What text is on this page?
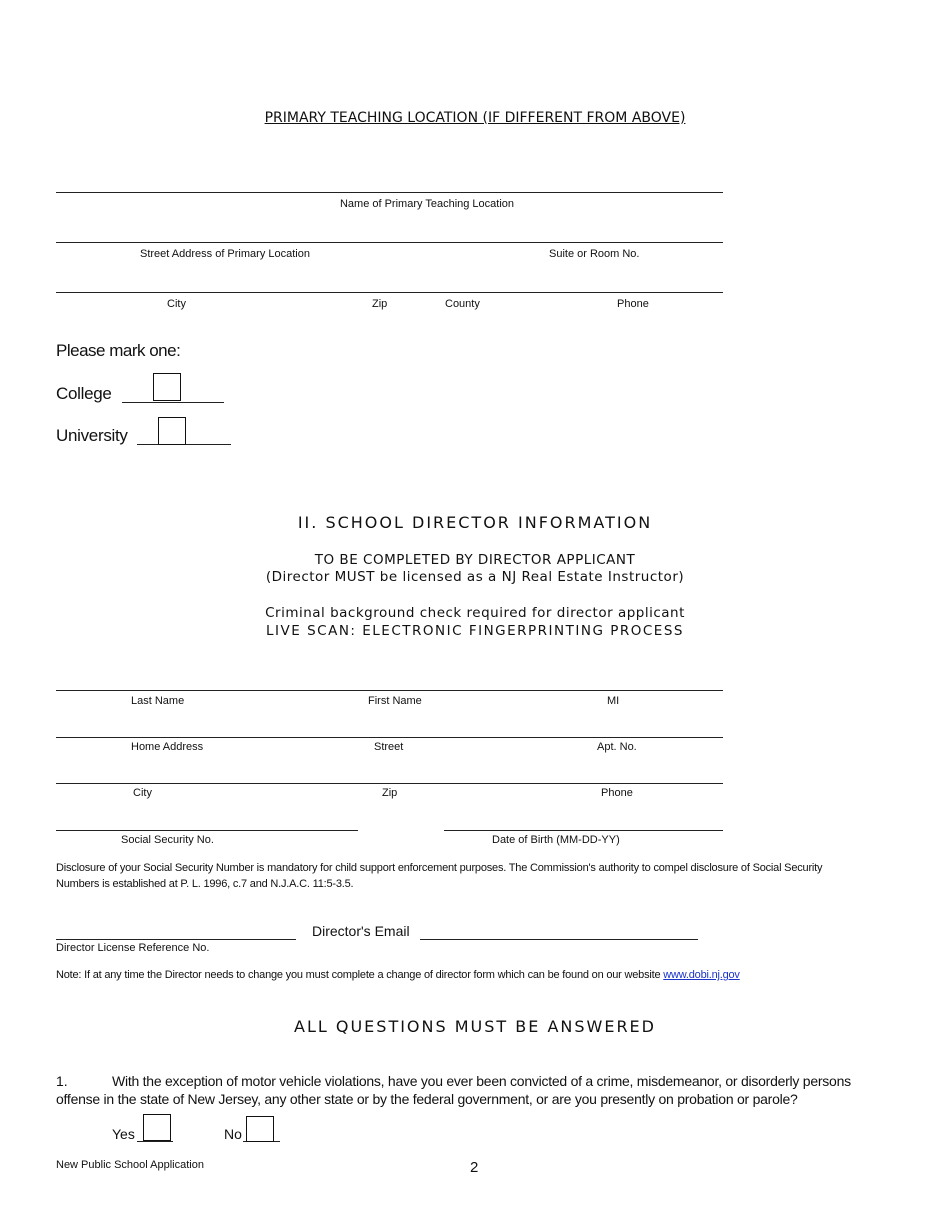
PRIMARY TEACHING LOCATION (IF DIFFERENT FROM ABOVE)
Name of Primary Teaching Location
Street Address of Primary Location	Suite or Room No.
City	Zip	County	Phone
Please mark one:
College
University
II. SCHOOL DIRECTOR INFORMATION
TO BE COMPLETED BY DIRECTOR APPLICANT
(Director MUST be licensed as a NJ Real Estate Instructor)
Criminal background check required for director applicant
LIVE SCAN: ELECTRONIC FINGERPRINTING PROCESS
Last Name	First Name	MI
Home Address	Street	Apt. No.
City	Zip	Phone
Social Security No.	Date of Birth (MM-DD-YY)
Disclosure of your Social Security Number is mandatory for child support enforcement purposes. The Commission's authority to compel disclosure of Social Security
Numbers is established at P. L. 1996, c.7 and N.J.A.C. 11:5-3.5.
Director's Email
Director License Reference No.
Note: If at any time the Director needs to change you must complete a change of director form which can be found on our website www.dobi.nj.gov
ALL QUESTIONS MUST BE ANSWERED
1.	With the exception of motor vehicle violations, have you ever been convicted of a crime, misdemeanor, or disorderly persons
offense in the state of New Jersey, any other state or by the federal government, or are you presently on probation or parole?
Yes	No
New Public School Application	2
